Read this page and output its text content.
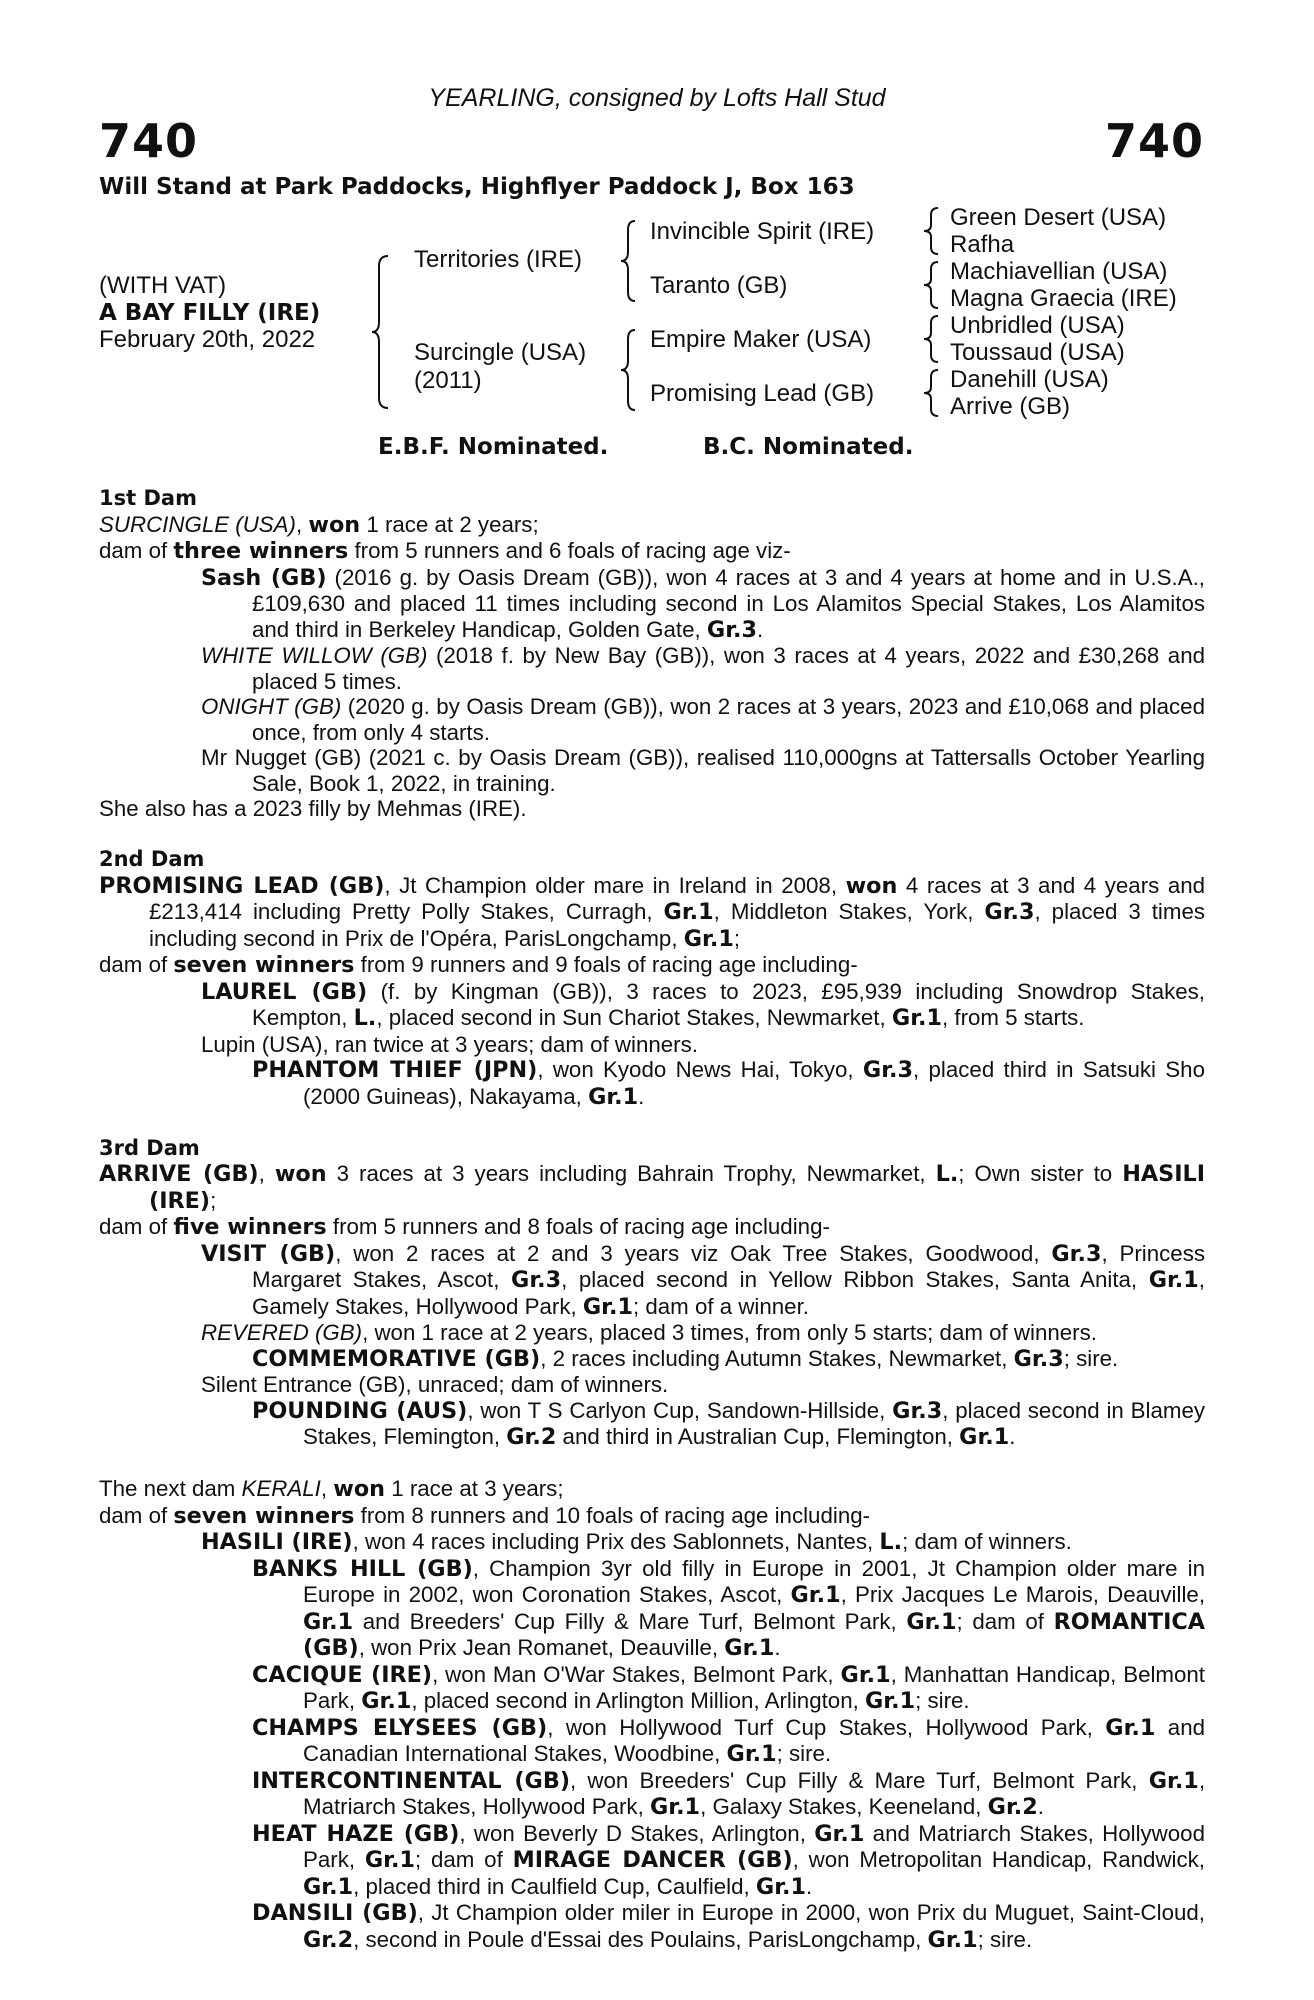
YEARLING, consigned by Lofts Hall Stud
740	740
Will Stand at Park Paddocks, Highflyer Paddock J, Box 163
(WITH VAT)
A BAY FILLY (IRE)
February 20th, 2022
Territories (IRE)
Surcingle (USA)
(2011)
Invincible Spirit (IRE)
Taranto (GB)
Empire Maker (USA)
Promising Lead (GB)
Green Desert (USA)
Rafha
Machiavellian (USA)
Magna Graecia (IRE)
Unbridled (USA)
Toussaud (USA)
Danehill (USA)
Arrive (GB)
E.B.F. Nominated.	B.C. Nominated.
1st Dam

SURCINGLE (USA), won 1 race at 2 years;

dam of three winners from 5 runners and 6 foals of racing age viz-

Sash (GB) (2016 g. by Oasis Dream (GB)), won 4 races at 3 and 4 years at home and in U.S.A., £109,630 and placed 11 times including second in Los Alamitos Special Stakes, Los Alamitos and third in Berkeley Handicap, Golden Gate, Gr.3.

WHITE WILLOW (GB) (2018 f. by New Bay (GB)), won 3 races at 4 years, 2022 and £30,268 and placed 5 times.

ONIGHT (GB) (2020 g. by Oasis Dream (GB)), won 2 races at 3 years, 2023 and £10,068 and placed once, from only 4 starts.

Mr Nugget (GB) (2021 c. by Oasis Dream (GB)), realised 110,000gns at Tattersalls October Yearling Sale, Book 1, 2022, in training.

She also has a 2023 filly by Mehmas (IRE).

2nd Dam

PROMISING LEAD (GB), Jt Champion older mare in Ireland in 2008, won 4 races at 3 and 4 years and £213,414 including Pretty Polly Stakes, Curragh, Gr.1, Middleton Stakes, York, Gr.3, placed 3 times including second in Prix de l'Opéra, ParisLongchamp, Gr.1;

dam of seven winners from 9 runners and 9 foals of racing age including-

LAUREL (GB) (f. by Kingman (GB)), 3 races to 2023, £95,939 including Snowdrop Stakes, Kempton, L., placed second in Sun Chariot Stakes, Newmarket, Gr.1, from 5 starts.

Lupin (USA), ran twice at 3 years; dam of winners.

PHANTOM THIEF (JPN), won Kyodo News Hai, Tokyo, Gr.3, placed third in Satsuki Sho (2000 Guineas), Nakayama, Gr.1.

3rd Dam

ARRIVE (GB), won 3 races at 3 years including Bahrain Trophy, Newmarket, L.; Own sister to HASILI (IRE);

dam of five winners from 5 runners and 8 foals of racing age including-

VISIT (GB), won 2 races at 2 and 3 years viz Oak Tree Stakes, Goodwood, Gr.3, Princess Margaret Stakes, Ascot, Gr.3, placed second in Yellow Ribbon Stakes, Santa Anita, Gr.1, Gamely Stakes, Hollywood Park, Gr.1; dam of a winner.

REVERED (GB), won 1 race at 2 years, placed 3 times, from only 5 starts; dam of winners.

COMMEMORATIVE (GB), 2 races including Autumn Stakes, Newmarket, Gr.3; sire.

Silent Entrance (GB), unraced; dam of winners.

POUNDING (AUS), won T S Carlyon Cup, Sandown-Hillside, Gr.3, placed second in Blamey Stakes, Flemington, Gr.2 and third in Australian Cup, Flemington, Gr.1.

The next dam KERALI, won 1 race at 3 years;

dam of seven winners from 8 runners and 10 foals of racing age including-

HASILI (IRE), won 4 races including Prix des Sablonnets, Nantes, L.; dam of winners.

BANKS HILL (GB), Champion 3yr old filly in Europe in 2001, Jt Champion older mare in Europe in 2002, won Coronation Stakes, Ascot, Gr.1, Prix Jacques Le Marois, Deauville, Gr.1 and Breeders' Cup Filly & Mare Turf, Belmont Park, Gr.1; dam of ROMANTICA (GB), won Prix Jean Romanet, Deauville, Gr.1.

CACIQUE (IRE), won Man O'War Stakes, Belmont Park, Gr.1, Manhattan Handicap, Belmont Park, Gr.1, placed second in Arlington Million, Arlington, Gr.1; sire.

CHAMPS ELYSEES (GB), won Hollywood Turf Cup Stakes, Hollywood Park, Gr.1 and Canadian International Stakes, Woodbine, Gr.1; sire.

INTERCONTINENTAL (GB), won Breeders' Cup Filly & Mare Turf, Belmont Park, Gr.1, Matriarch Stakes, Hollywood Park, Gr.1, Galaxy Stakes, Keeneland, Gr.2.

HEAT HAZE (GB), won Beverly D Stakes, Arlington, Gr.1 and Matriarch Stakes, Hollywood Park, Gr.1; dam of MIRAGE DANCER (GB), won Metropolitan Handicap, Randwick, Gr.1, placed third in Caulfield Cup, Caulfield, Gr.1.

DANSILI (GB), Jt Champion older miler in Europe in 2000, won Prix du Muguet, Saint-Cloud, Gr.2, second in Poule d'Essai des Poulains, ParisLongchamp, Gr.1; sire.
